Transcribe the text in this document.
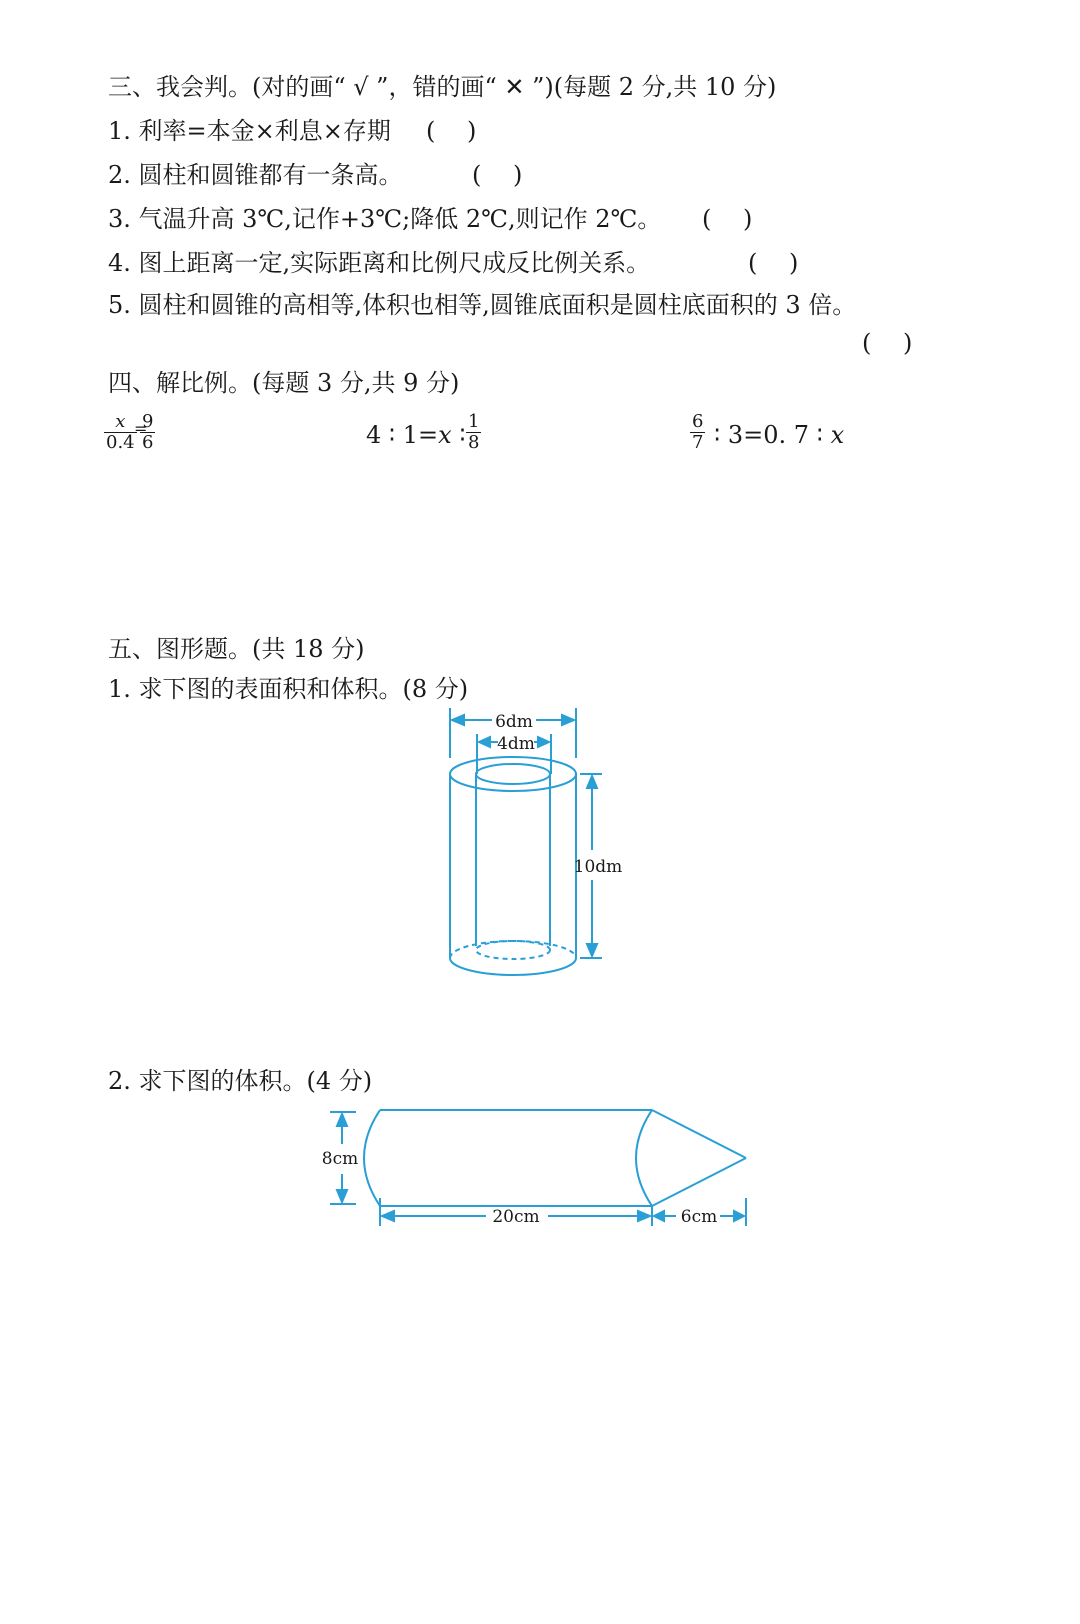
三、我会判。(对的画“ √ ”，错的画“ ✕ ”)(每题 2 分,共 10 分)
1. 利率=本金×利息×存期 (　 )
2. 圆柱和圆锥都有一条高。	(　 )
3. 气温升高 3℃,记作+3℃;降低 2℃,则记作 2℃。 (　 )
4. 图上距离一定,实际距离和比例尺成反比例关系。	(　 )
5. 圆柱和圆锥的高相等,体积也相等,圆锥底面积是圆柱底面积的 3 倍。
(　 )
四、解比例。(每题 3 分,共 9 分)
$\frac{x}{0.4}$
=
$\frac{9}{6}$	4 ∶ 1=x ∶ $\frac{1}{8}$	$\frac{6}{7}$ ∶ 3=0. 7 ∶ x
五、图形题。(共 18 分)
1. 求下图的表面积和体积。(8 分)
6dm
4dm
10dm
2. 求下图的体积。(4 分)
8cm
20cm	6cm
